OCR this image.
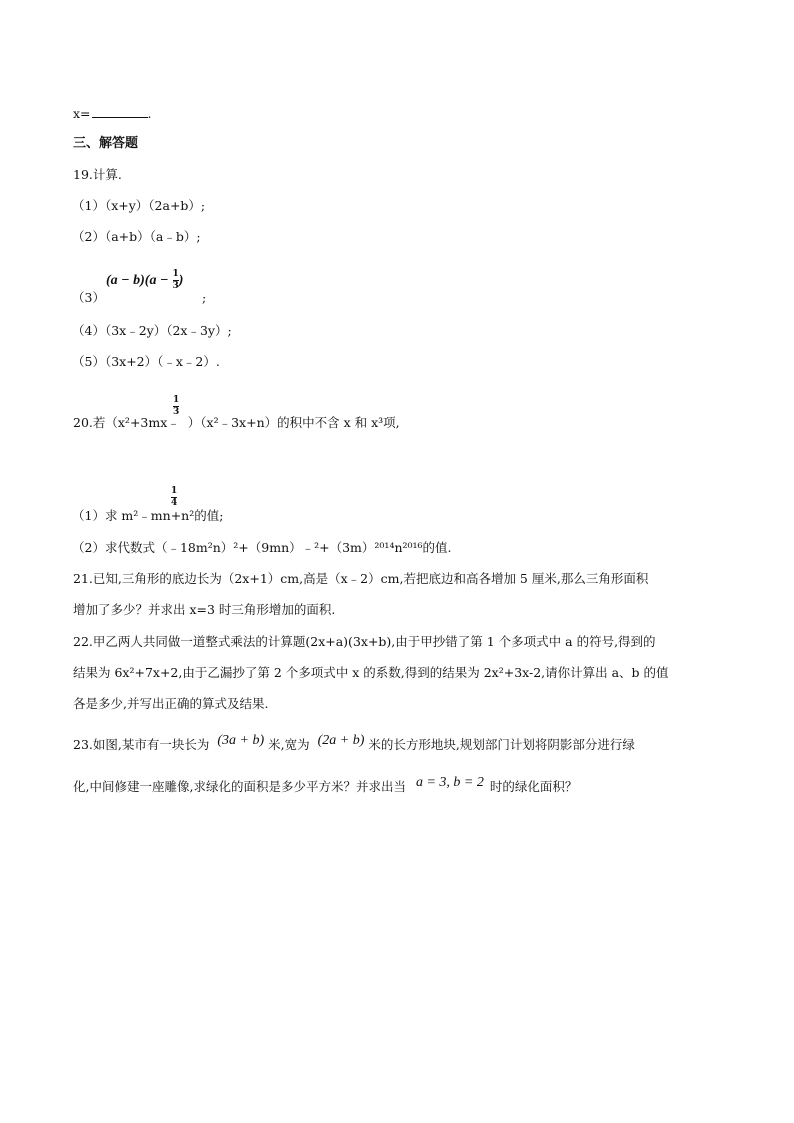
x=	.
三、解答题
19.计算.
（1）（x+y）（2a+b）;
（2）（a+b）（a﹣b）;
$(a - b)(a - \frac{1}{3}$ )
（3）	;
（4）（3x﹣2y）（2x﹣3y）;
（5）（3x+2）（﹣x﹣2）.
$\frac{1}{3}$
20.若（x²+3mx﹣ ）（x²﹣3x+n）的积中不含 x 和 x³项,
$\frac{1}{4}$
（1）求 m²﹣mn+n²的值;
（2）求代数式（﹣18m²n）²+（9mn）﹣²+（3m）²⁰¹⁴n²⁰¹⁶的值.
21.已知,三角形的底边长为（2x+1）cm,高是（x﹣2）cm,若把底边和高各增加 5 厘米,那么三角形面积
增加了多少？并求出 x=3 时三角形增加的面积.
22.甲乙两人共同做一道整式乘法的计算题(2x+a)(3x+b),由于甲抄错了第 1 个多项式中 a 的符号,得到的
结果为 6x²+7x+2,由于乙漏抄了第 2 个多项式中 x 的系数,得到的结果为 2x²+3x-2,请你计算出 a、b 的值
各是多少,并写出正确的算式及结果.
23.如图,某市有一块长为 (3a + b) 米,宽为 (2a + b) 米的长方形地块,规划部门计划将阴影部分进行绿
化,中间修建一座雕像,求绿化的面积是多少平方米？并求出当 a = 3, b = 2 时的绿化面积？
